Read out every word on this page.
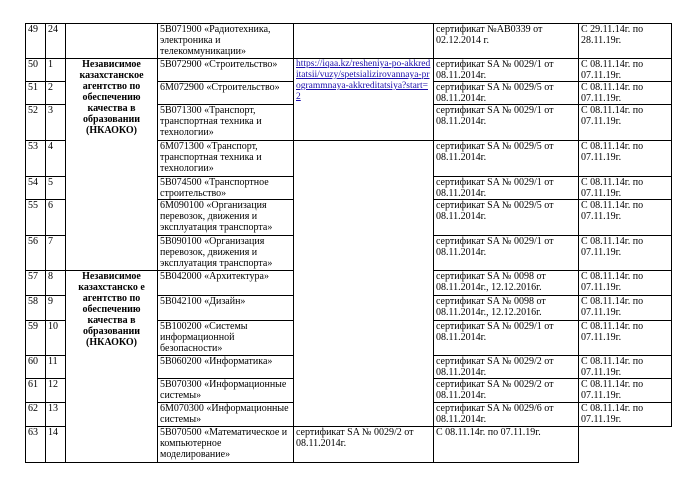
49	24		5В071900 «Радиотехника, электроника и телекоммуникации»		сертификат №АВ0339 от 02.12.2014 г.	С 29.11.14г. по 28.11.19г.
50	1	Независимое казахстанское агентство по обеспечению качества в образовании (НКАОКО)	5В072900 «Строительство»	https://iqaa.kz/resheniya-po-akkreditatsii/vuzy/spetsializirovannaya-programmnaya-akkreditatsiya?start=2	сертификат SA № 0029/1 от 08.11.2014г.	С 08.11.14г. по 07.11.19г.
51	2		6М072900 «Строительство»		сертификат SA № 0029/5 от 08.11.2014г.	С 08.11.14г. по 07.11.19г.
52	3		5В071300 «Транспорт, транспортная техника и технологии»		сертификат SA № 0029/1 от 08.11.2014г.	С 08.11.14г. по 07.11.19г.
53	4		6М071300 «Транспорт, транспортная техника и технологии»		сертификат SA № 0029/5 от 08.11.2014г.	С 08.11.14г. по 07.11.19г.
54	5		5В074500 «Транспортное строительство»		сертификат SA № 0029/1 от 08.11.2014г.	С 08.11.14г. по 07.11.19г.
55	6		6М090100 «Организация перевозок, движения и эксплуатация транспорта»		сертификат SA № 0029/5 от 08.11.2014г.	С 08.11.14г. по 07.11.19г.
56	7		5В090100 «Организация перевозок, движения и эксплуатация транспорта»		сертификат SA № 0029/1 от 08.11.2014г.	С 08.11.14г. по 07.11.19г.
57	8	Независимое казахстанско е агентство по обеспечению качества в образовании (НКАОКО)	5В042000 «Архитектура»		сертификат SA № 0098 от 08.11.2014г., 12.12.2016г.	С 08.11.14г. по 07.11.19г.
58	9		5В042100 «Дизайн»		сертификат SA № 0098 от 08.11.2014г., 12.12.2016г.	С 08.11.14г. по 07.11.19г.
59	10		5В100200 «Системы информационной безопасности»		сертификат SA № 0029/1 от 08.11.2014г.	С 08.11.14г. по 07.11.19г.
60	11		5В060200 «Информатика»		сертификат SA № 0029/2 от 08.11.2014г.	С 08.11.14г. по 07.11.19г.
61	12		5В070300 «Информационные системы»		сертификат SA № 0029/2 от 08.11.2014г.	С 08.11.14г. по 07.11.19г.
62	13		6М070300 «Информационные системы»		сертификат SA № 0029/6 от 08.11.2014г.	С 08.11.14г. по 07.11.19г.
63	14		5В070500 «Математическое и компьютерное моделирование»	сертификат SA № 0029/2 от 08.11.2014г.	С 08.11.14г. по 07.11.19г.	
